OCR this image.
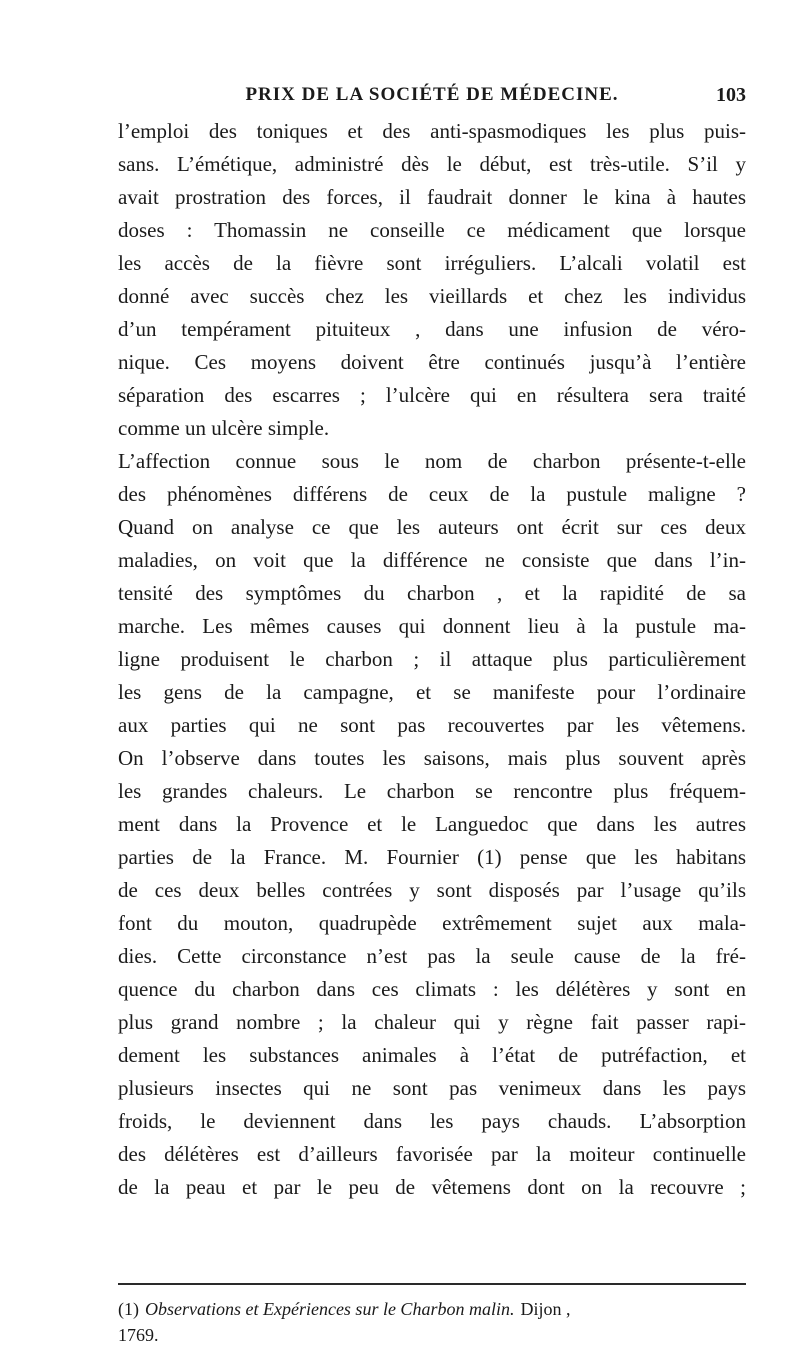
PRIX DE LA SOCIÉTÉ DE MÉDECINE.	103
l’emploi des toniques et des anti-spasmodiques les plus puis-
sans. L’émétique, administré dès le début, est très-utile. S’il y
avait prostration des forces, il faudrait donner le kina à hautes
doses : Thomassin ne conseille ce médicament que lorsque
les accès de la fièvre sont irréguliers. L’alcali volatil est
donné avec succès chez les vieillards et chez les individus
d’un tempérament pituiteux , dans une infusion de véro-
nique. Ces moyens doivent être continués jusqu’à l’entière
séparation des escarres ; l’ulcère qui en résultera sera traité
comme un ulcère simple.
L’affection connue sous le nom de charbon présente-t-elle
des phénomènes différens de ceux de la pustule maligne ?
Quand on analyse ce que les auteurs ont écrit sur ces deux
maladies, on voit que la différence ne consiste que dans l’in-
tensité des symptômes du charbon , et la rapidité de sa
marche. Les mêmes causes qui donnent lieu à la pustule ma-
ligne produisent le charbon ; il attaque plus particulièrement
les gens de la campagne, et se manifeste pour l’ordinaire
aux parties qui ne sont pas recouvertes par les vêtemens.
On l’observe dans toutes les saisons, mais plus souvent après
les grandes chaleurs. Le charbon se rencontre plus fréquem-
ment dans la Provence et le Languedoc que dans les autres
parties de la France. M. Fournier (1) pense que les habitans
de ces deux belles contrées y sont disposés par l’usage qu’ils
font du mouton, quadrupède extrêmement sujet aux mala-
dies. Cette circonstance n’est pas la seule cause de la fré-
quence du charbon dans ces climats : les délétères y sont en
plus grand nombre ; la chaleur qui y règne fait passer rapi-
dement les substances animales à l’état de putréfaction, et
plusieurs insectes qui ne sont pas venimeux dans les pays
froids, le deviennent dans les pays chauds. L’absorption
des délétères est d’ailleurs favorisée par la moiteur continuelle
de la peau et par le peu de vêtemens dont on la recouvre ;
(1) Observations et Expériences sur le Charbon malin. Dijon ,
1769.
